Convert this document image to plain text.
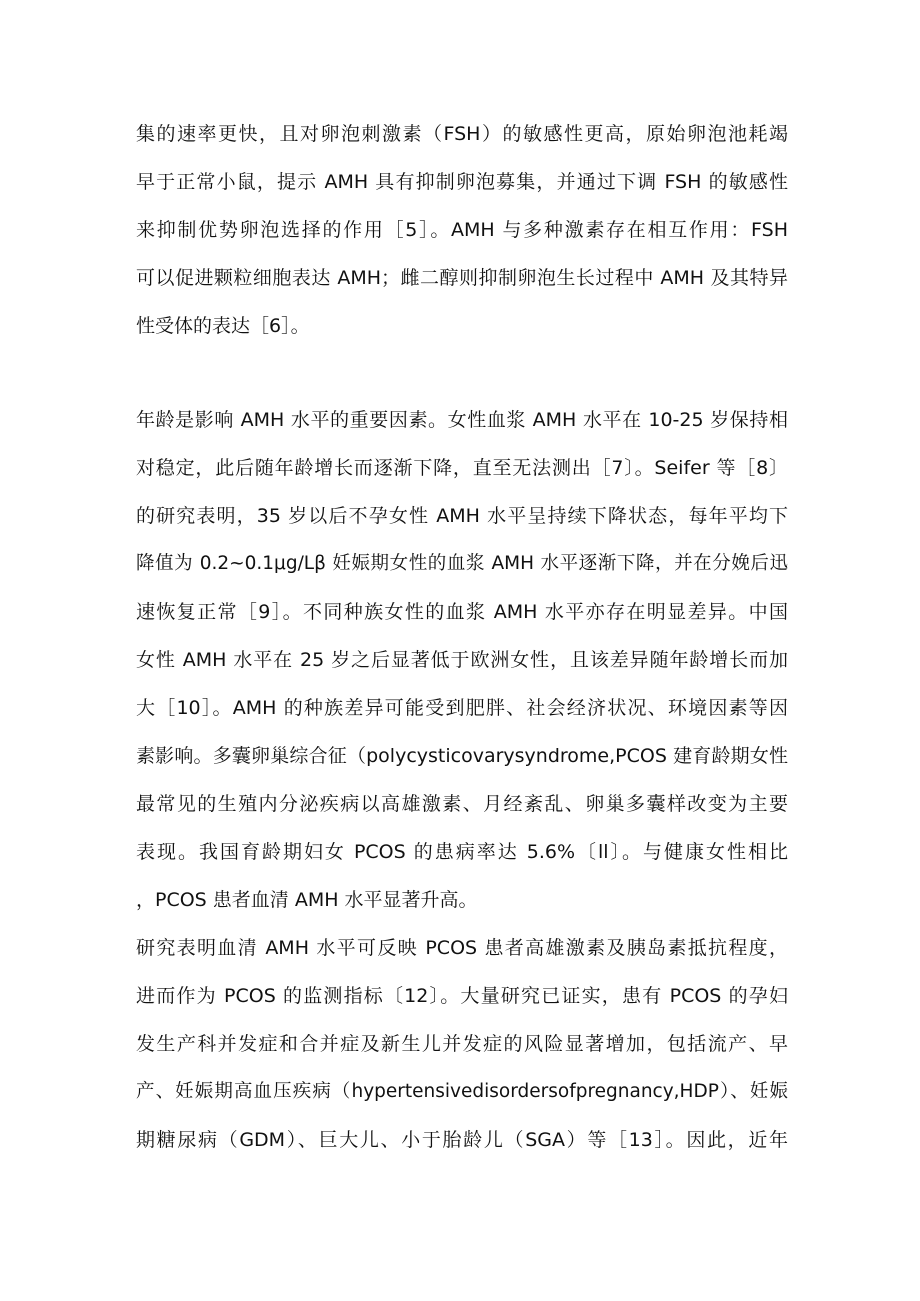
集的速率更快，且对卵泡刺激素（FSH）的敏感性更高，原始卵泡池耗竭
早于正常小鼠，提示 AMH 具有抑制卵泡募集，并通过下调 FSH 的敏感性
来抑制优势卵泡选择的作用［5］。AMH 与多种激素存在相互作用：FSH
可以促进颗粒细胞表达 AMH；雌二醇则抑制卵泡生长过程中 AMH 及其特异
性受体的表达［6］。
年龄是影响 AMH 水平的重要因素。女性血浆 AMH 水平在 10-25 岁保持相
对稳定，此后随年龄增长而逐渐下降，直至无法测出［7〕。Seifer 等［8〕
的研究表明，35 岁以后不孕女性 AMH 水平呈持续下降状态，每年平均下
降值为 0.2~0.1μg∕Lβ 妊娠期女性的血浆 AMH 水平逐渐下降，并在分娩后迅
速恢复正常［9］。不同种族女性的血浆 AMH 水平亦存在明显差异。中国
女性 AMH 水平在 25 岁之后显著低于欧洲女性，且该差异随年龄增长而加
大［10］。AMH 的种族差异可能受到肥胖、社会经济状况、环境因素等因
素影响。多囊卵巢综合征（polycysticovarysyndrome,PCOS 建育龄期女性
最常见的生殖内分泌疾病以高雄激素、月经紊乱、卵巢多囊样改变为主要
表现。我国育龄期妇女 PCOS 的患病率达 5.6%〔ll〕。与健康女性相比
，PCOS 患者血清 AMH 水平显著升高。
研究表明血清 AMH 水平可反映 PCOS 患者高雄激素及胰岛素抵抗程度，
进而作为 PCOS 的监测指标〔12〕。大量研究已证实，患有 PCOS 的孕妇
发生产科并发症和合并症及新生儿并发症的风险显著增加，包括流产、早
产、妊娠期高血压疾病（hypertensivedisordersofpregnancy,HDP）、妊娠
期糖尿病（GDM）、巨大儿、小于胎龄儿（SGA）等［13］。因此，近年
